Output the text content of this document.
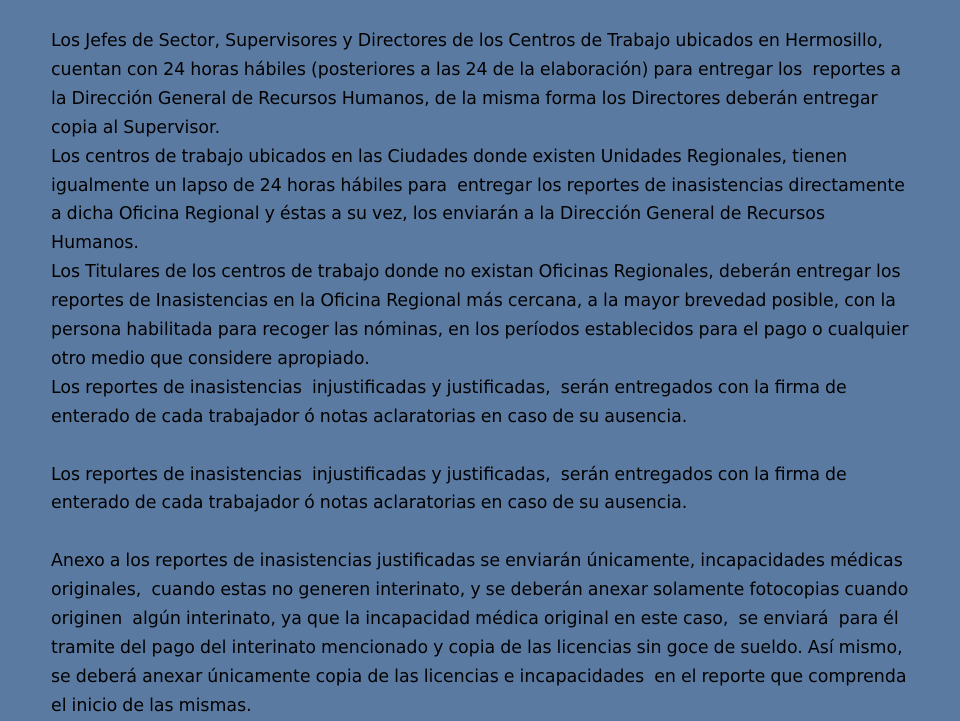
Los Jefes de Sector, Supervisores y Directores de los Centros de Trabajo ubicados en Hermosillo, cuentan con 24 horas hábiles (posteriores a las 24 de la elaboración) para entregar los  reportes a la Dirección General de Recursos Humanos, de la misma forma los Directores deberán entregar copia al Supervisor.

Los centros de trabajo ubicados en las Ciudades donde existen Unidades Regionales, tienen igualmente un lapso de 24 horas hábiles para  entregar los reportes de inasistencias directamente a dicha Oficina Regional y éstas a su vez, los enviarán a la Dirección General de Recursos Humanos.

Los Titulares de los centros de trabajo donde no existan Oficinas Regionales, deberán entregar los reportes de Inasistencias en la Oficina Regional más cercana, a la mayor brevedad posible, con la persona habilitada para recoger las nóminas, en los períodos establecidos para el pago o cualquier otro medio que considere apropiado.

Los reportes de inasistencias  injustificadas y justificadas,  serán entregados con la firma de enterado de cada trabajador ó notas aclaratorias en caso de su ausencia.

Los reportes de inasistencias  injustificadas y justificadas,  serán entregados con la firma de enterado de cada trabajador ó notas aclaratorias en caso de su ausencia.

Anexo a los reportes de inasistencias justificadas se enviarán únicamente, incapacidades médicas originales,  cuando estas no generen interinato, y se deberán anexar solamente fotocopias cuando originen  algún interinato, ya que la incapacidad médica original en este caso,  se enviará  para él tramite del pago del interinato mencionado y copia de las licencias sin goce de sueldo. Así mismo, se deberá anexar únicamente copia de las licencias e incapacidades  en el reporte que comprenda el inicio de las mismas.
